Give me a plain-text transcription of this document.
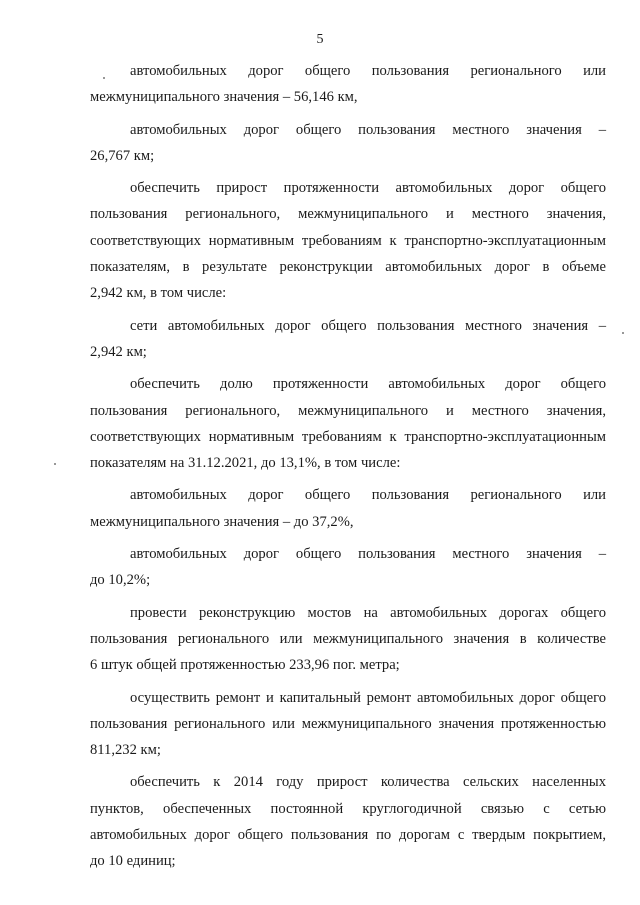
5
автомобильных дорог общего пользования регионального или
межмуниципального значения – 56,146 км,
автомобильных дорог общего пользования местного значения –
26,767 км;
обеспечить прирост протяженности автомобильных дорог общего
пользования регионального, межмуниципального и местного значения,
соответствующих нормативным требованиям к транспортно-эксплуатационным
показателям, в результате реконструкции автомобильных дорог в объеме
2,942 км, в том числе:
сети автомобильных дорог общего пользования местного значения –
2,942 км;
обеспечить долю протяженности автомобильных дорог общего
пользования регионального, межмуниципального и местного значения,
соответствующих нормативным требованиям к транспортно-эксплуатационным
показателям на 31.12.2021, до 13,1%, в том числе:
автомобильных дорог общего пользования регионального или
межмуниципального значения – до 37,2%,
автомобильных дорог общего пользования местного значения –
до 10,2%;
провести реконструкцию мостов на автомобильных дорогах общего
пользования регионального или межмуниципального значения в количестве
6 штук общей протяженностью 233,96 пог. метра;
осуществить ремонт и капитальный ремонт автомобильных дорог общего
пользования регионального или межмуниципального значения протяженностью
811,232 км;
обеспечить к 2014 году прирост количества сельских населенных
пунктов, обеспеченных постоянной круглогодичной связью с сетью
автомобильных дорог общего пользования по дорогам с твердым покрытием,
до 10 единиц;
